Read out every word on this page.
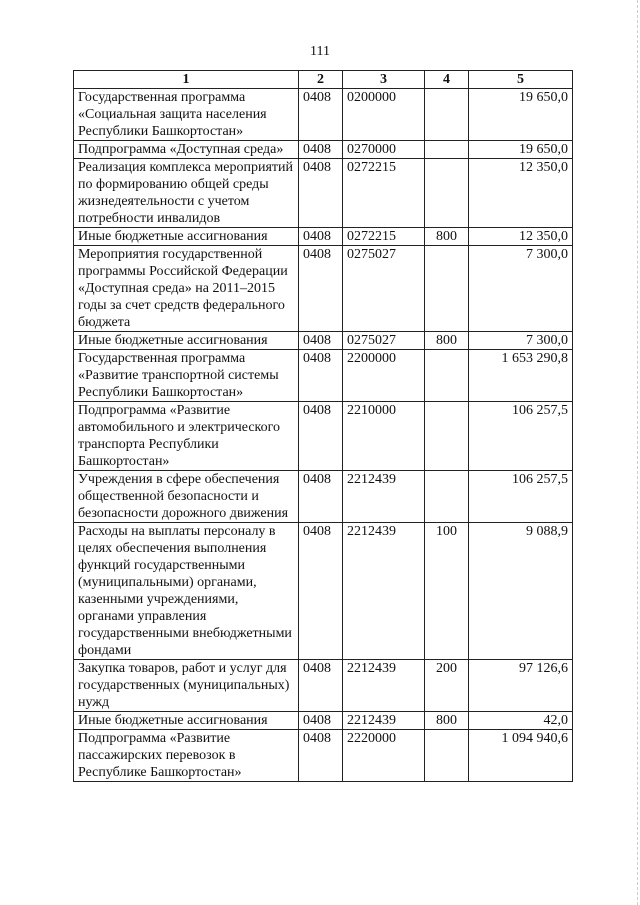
111
1	2	3	4	5
Государственная программа «Социальная защита населения Республики Башкортостан»	0408	0200000		19 650,0
Подпрограмма «Доступная среда»	0408	0270000		19 650,0
Реализация комплекса мероприятий по формированию общей среды жизнедеятельности с учетом потребности инвалидов	0408	0272215		12 350,0
Иные бюджетные ассигнования	0408	0272215	800	12 350,0
Мероприятия государственной программы Российской Федерации «Доступная среда» на 2011–2015 годы за счет средств федерального бюджета	0408	0275027		7 300,0
Иные бюджетные ассигнования	0408	0275027	800	7 300,0
Государственная программа «Развитие транспортной системы Республики Башкортостан»	0408	2200000		1 653 290,8
Подпрограмма «Развитие автомобильного и электрического транспорта Республики Башкортостан»	0408	2210000		106 257,5
Учреждения в сфере обеспечения общественной безопасности и безопасности дорожного движения	0408	2212439		106 257,5
Расходы на выплаты персоналу в целях обеспечения выполнения функций государственными (муниципальными) органами, казенными учреждениями, органами управления государственными внебюджетными фондами	0408	2212439	100	9 088,9
Закупка товаров, работ и услуг для государственных (муниципальных) нужд	0408	2212439	200	97 126,6
Иные бюджетные ассигнования	0408	2212439	800	42,0
Подпрограмма «Развитие пассажирских перевозок в Республике Башкортостан»	0408	2220000		1 094 940,6
